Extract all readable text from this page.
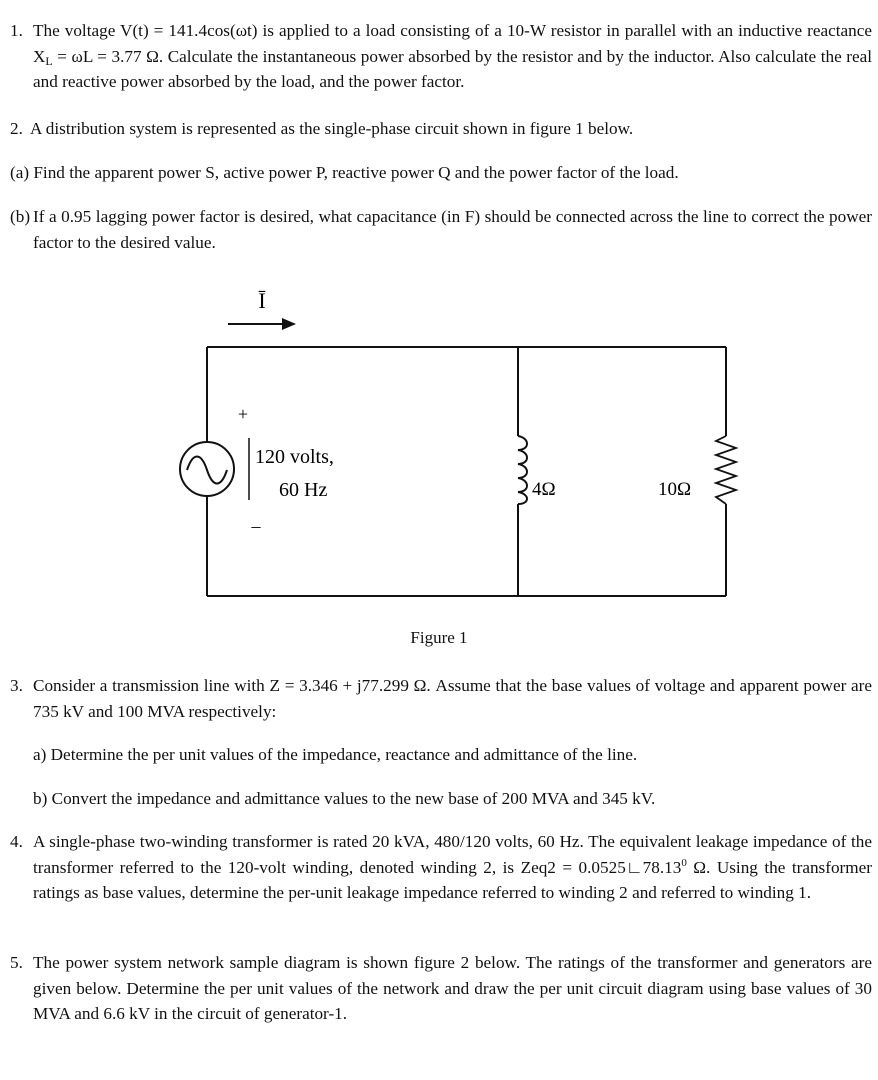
1. The voltage V(t) = 141.4cos(ωt) is applied to a load consisting of a 10-W resistor in parallel with an inductive reactance $X_L = \omega L = 3.77$ Ω. Calculate the instantaneous power absorbed by the resistor and by the inductor. Also calculate the real and reactive power absorbed by the load, and the power factor.
2. A distribution system is represented as the single-phase circuit shown in figure 1 below.
(a) Find the apparent power S, active power P, reactive power Q and the power factor of the load.
(b) If a 0.95 lagging power factor is desired, what capacitance (in F) should be connected across the line to correct the power factor to the desired value.
Ī
+
–
120 volts,
60 Hz	4Ω	10Ω
Figure 1
3. Consider a transmission line with Z = 3.346 + j77.299 Ω. Assume that the base values of voltage and apparent power are 735 kV and 100 MVA respectively:
a) Determine the per unit values of the impedance, reactance and admittance of the line.
b) Convert the impedance and admittance values to the new base of 200 MVA and 345 kV.
4. A single-phase two-winding transformer is rated 20 kVA, 480/120 volts, 60 Hz. The equivalent leakage impedance of the transformer referred to the 120-volt winding, denoted winding 2, is $Zeq2 = 0.0525∟78.13^0$ Ω. Using the transformer ratings as base values, determine the per-unit leakage impedance referred to winding 2 and referred to winding 1.
5. The power system network sample diagram is shown figure 2 below. The ratings of the transformer and generators are given below. Determine the per unit values of the network and draw the per unit circuit diagram using base values of 30 MVA and 6.6 kV in the circuit of generator-1.
